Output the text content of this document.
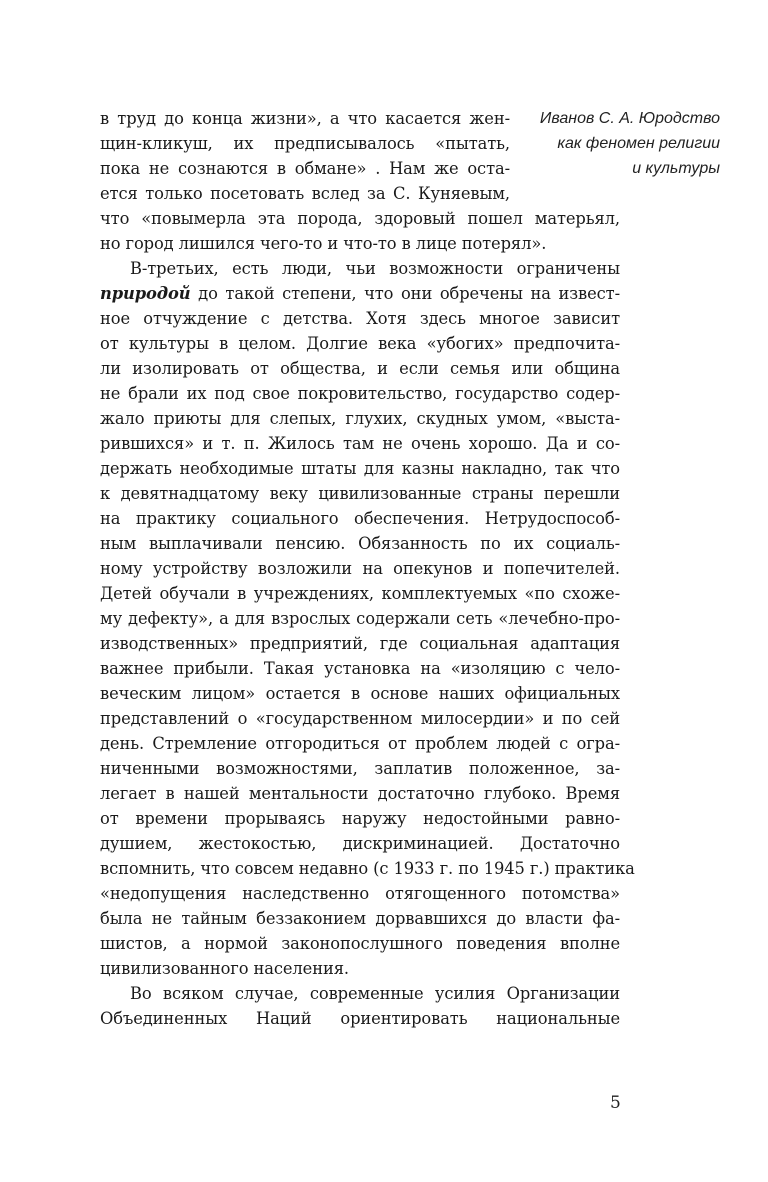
Иванов С. А. Юродство
как феномен религии
и культуры
в труд до конца жизни», а что касается жен-
щин-кликуш, их предписывалось «пытать,
пока не сознаются в обмане» . Нам же оста-
ется только посетовать вслед за С. Куняевым,
что «повымерла эта порода, здоровый пошел матерьял,
но город лишился чего-то и что-то в лице потерял».
В-третьих, есть люди, чьи возможности ограничены
природой до такой степени, что они обречены на извест-
ное отчуждение с детства. Хотя здесь многое зависит
от культуры в целом. Долгие века «убогих» предпочита-
ли изолировать от общества, и если семья или община
не брали их под свое покровительство, государство содер-
жало приюты для слепых, глухих, скудных умом, «выста-
рившихся» и т. п. Жилось там не очень хорошо. Да и со-
держать необходимые штаты для казны накладно, так что
к девятнадцатому веку цивилизованные страны перешли
на практику социального обеспечения. Нетрудоспособ-
ным выплачивали пенсию. Обязанность по их социаль-
ному устройству возложили на опекунов и попечителей.
Детей обучали в учреждениях, комплектуемых «по схоже-
му дефекту», а для взрослых содержали сеть «лечебно-про-
изводственных» предприятий, где социальная адаптация
важнее прибыли. Такая установка на «изоляцию с чело-
веческим лицом» остается в основе наших официальных
представлений о «государственном милосердии» и по сей
день. Стремление отгородиться от проблем людей с огра-
ниченными возможностями, заплатив положенное, за-
легает в нашей ментальности достаточно глубоко. Время
от времени прорываясь наружу недостойными равно-
душием, жестокостью, дискриминацией. Достаточно
вспомнить, что совсем недавно (с 1933 г. по 1945 г.) практика
«недопущения наследственно отягощенного потомства»
была не тайным беззаконием дорвавшихся до власти фа-
шистов, а нормой законопослушного поведения вполне
цивилизованного населения.
Во всяком случае, современные усилия Организации
Объединенных Наций ориентировать национальные
5
